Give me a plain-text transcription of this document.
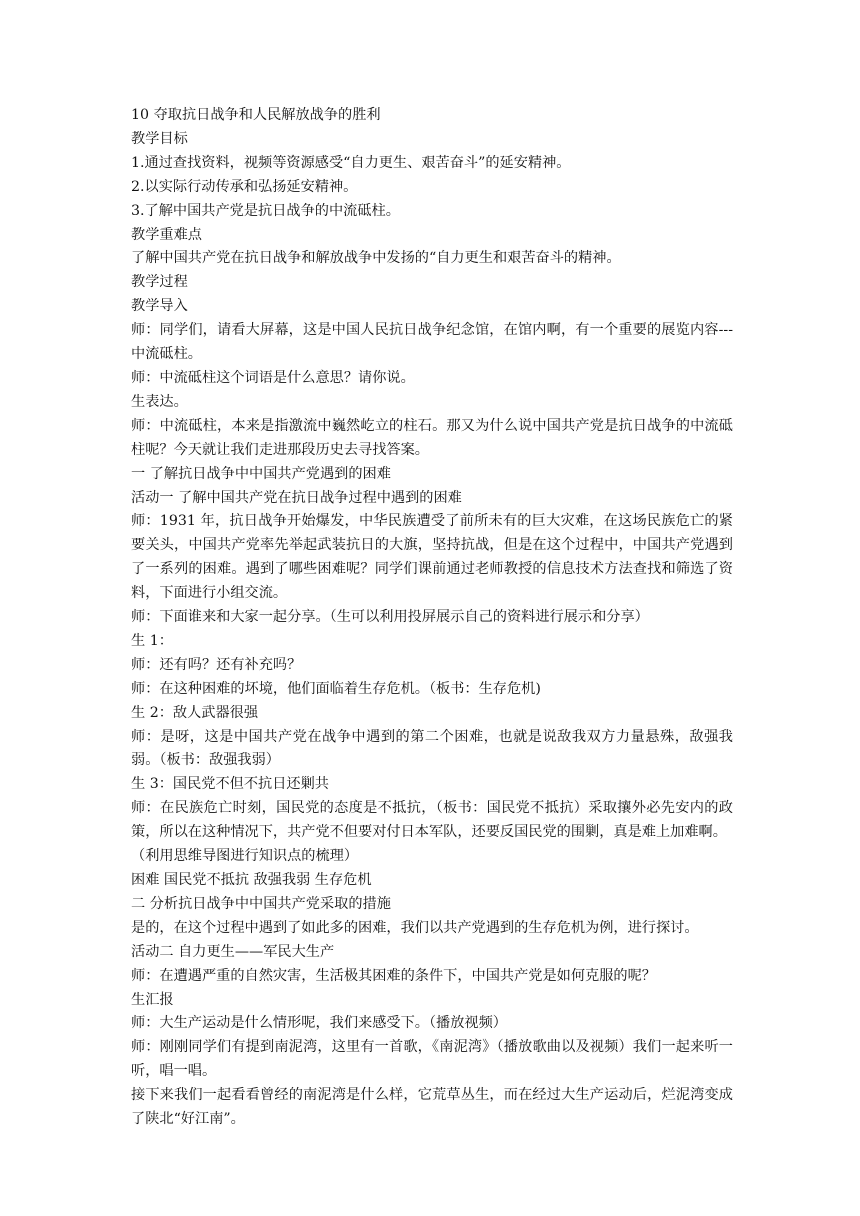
10 夺取抗日战争和人民解放战争的胜利
教学目标
1.通过查找资料，视频等资源感受“自力更生、艰苦奋斗”的延安精神。
2.以实际行动传承和弘扬延安精神。
3.了解中国共产党是抗日战争的中流砥柱。
教学重难点
了解中国共产党在抗日战争和解放战争中发扬的“自力更生和艰苦奋斗的精神。
教学过程
教学导入
师：同学们，请看大屏幕，这是中国人民抗日战争纪念馆，在馆内啊，有一个重要的展览内容---中流砥柱。
师：中流砥柱这个词语是什么意思？请你说。
生表达。
师：中流砥柱，本来是指激流中巍然屹立的柱石。那又为什么说中国共产党是抗日战争的中流砥柱呢？今天就让我们走进那段历史去寻找答案。
一 了解抗日战争中中国共产党遇到的困难
活动一 了解中国共产党在抗日战争过程中遇到的困难
师：1931 年，抗日战争开始爆发，中华民族遭受了前所未有的巨大灾难，在这场民族危亡的紧要关头，中国共产党率先举起武装抗日的大旗，坚持抗战，但是在这个过程中，中国共产党遇到了一系列的困难。遇到了哪些困难呢？同学们课前通过老师教授的信息技术方法查找和筛选了资料，下面进行小组交流。
师：下面谁来和大家一起分享。（生可以利用投屏展示自己的资料进行展示和分享）
生 1：
师：还有吗？还有补充吗？
师：在这种困难的坏境，他们面临着生存危机。（板书：生存危机)
生 2：敌人武器很强
师：是呀，这是中国共产党在战争中遇到的第二个困难，也就是说敌我双方力量悬殊，敌强我弱。（板书：敌强我弱）
生 3：国民党不但不抗日还剿共
师：在民族危亡时刻，国民党的态度是不抵抗，（板书：国民党不抵抗）采取攘外必先安内的政策，所以在这种情况下，共产党不但要对付日本军队，还要反国民党的围剿，真是难上加难啊。
（利用思维导图进行知识点的梳理）
困难 国民党不抵抗 敌强我弱 生存危机
二 分析抗日战争中中国共产党采取的措施
是的，在这个过程中遇到了如此多的困难，我们以共产党遇到的生存危机为例，进行探讨。
活动二 自力更生——军民大生产
师：在遭遇严重的自然灾害，生活极其困难的条件下，中国共产党是如何克服的呢？
生汇报
师：大生产运动是什么情形呢，我们来感受下。（播放视频）
师：刚刚同学们有提到南泥湾，这里有一首歌，《南泥湾》（播放歌曲以及视频）我们一起来听一听，唱一唱。
接下来我们一起看看曾经的南泥湾是什么样，它荒草丛生，而在经过大生产运动后，烂泥湾变成了陕北“好江南”。
